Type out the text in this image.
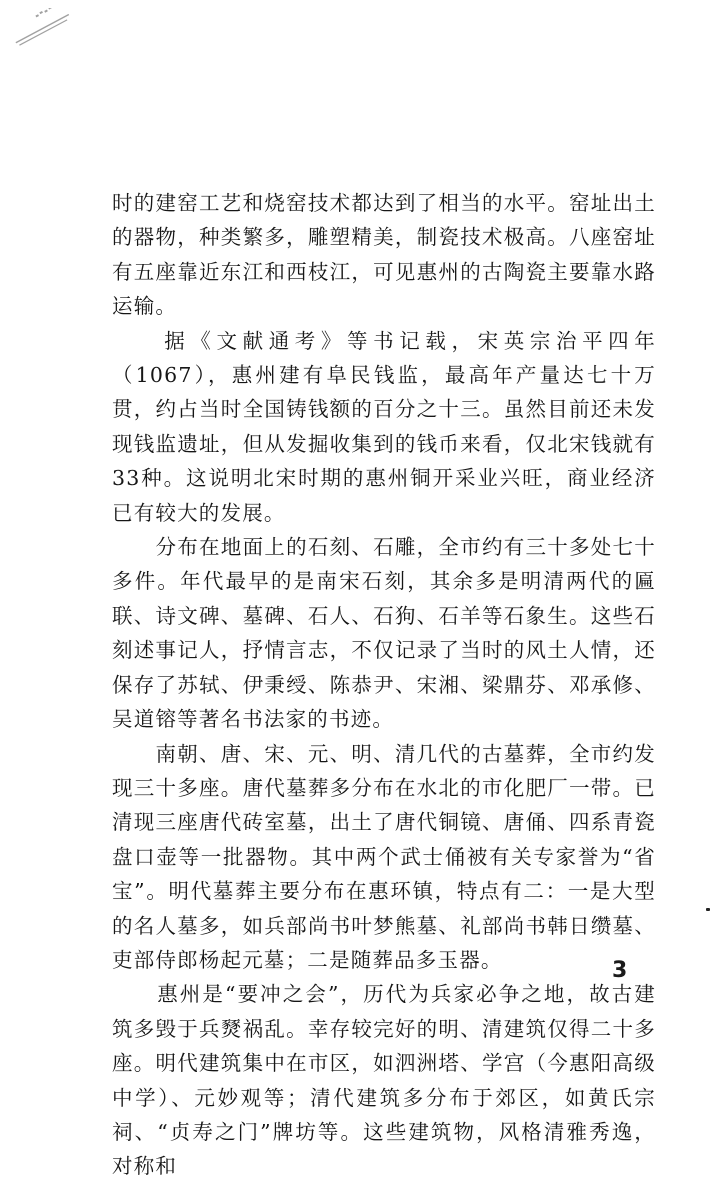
时的建窑工艺和烧窑技术都达到了相当的水平。窑址出土的器物，种类繁多，雕塑精美，制瓷技术极高。八座窑址有五座靠近东江和西枝江，可见惠州的古陶瓷主要靠水路运输。

　　据《文献通考》等书记载，宋英宗治平四年（1067），惠州建有阜民钱监，最高年产量达七十万贯，约占当时全国铸钱额的百分之十三。虽然目前还未发现钱监遗址，但从发掘收集到的钱币来看，仅北宋钱就有33种。这说明北宋时期的惠州铜开采业兴旺，商业经济已有较大的发展。

　　分布在地面上的石刻、石雕，全市约有三十多处七十多件。年代最早的是南宋石刻，其余多是明清两代的匾联、诗文碑、墓碑、石人、石狗、石羊等石象生。这些石刻述事记人，抒情言志，不仅记录了当时的风土人情，还保存了苏轼、伊秉绶、陈恭尹、宋湘、梁鼎芬、邓承修、吴道镕等著名书法家的书迹。

　　南朝、唐、宋、元、明、清几代的古墓葬，全市约发现三十多座。唐代墓葬多分布在水北的市化肥厂一带。已清现三座唐代砖室墓，出土了唐代铜镜、唐俑、四系青瓷盘口壶等一批器物。其中两个武士俑被有关专家誉为“省宝”。明代墓葬主要分布在惠环镇，特点有二：一是大型的名人墓多，如兵部尚书叶梦熊墓、礼部尚书韩日缵墓、吏部侍郎杨起元墓；二是随葬品多玉器。

　　惠州是“要冲之会”，历代为兵家必争之地，故古建筑多毁于兵燹祸乱。幸存较完好的明、清建筑仅得二十多座。明代建筑集中在市区，如泗洲塔、学宫（今惠阳高级中学）、元妙观等；清代建筑多分布于郊区，如黄氏宗祠、“贞寿之门”牌坊等。这些建筑物，风格清雅秀逸，对称和

3
